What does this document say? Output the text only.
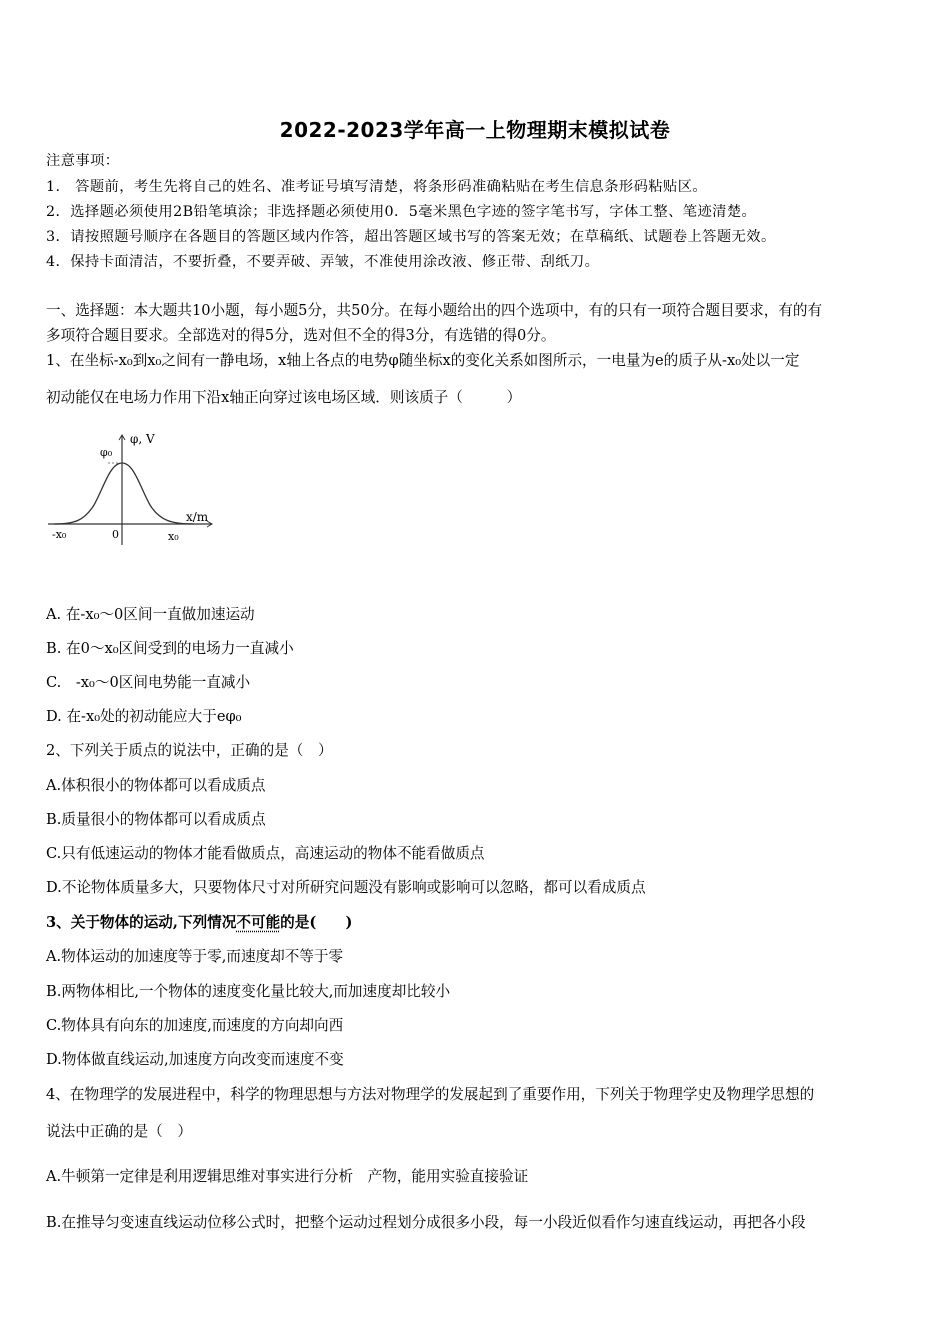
2022-2023学年高一上物理期末模拟试卷
注意事项：
1.　答题前，考生先将自己的姓名、准考证号填写清楚，将条形码准确粘贴在考生信息条形码粘贴区。
2．选择题必须使用2B铅笔填涂；非选择题必须使用0．5毫米黑色字迹的签字笔书写，字体工整、笔迹清楚。
3．请按照题号顺序在各题目的答题区域内作答，超出答题区域书写的答案无效；在草稿纸、试题卷上答题无效。
4．保持卡面清洁，不要折叠，不要弄破、弄皱，不准使用涂改液、修正带、刮纸刀。
一、选择题：本大题共10小题，每小题5分，共50分。在每小题给出的四个选项中，有的只有一项符合题目要求，有的有
多项符合题目要求。全部选对的得5分，选对但不全的得3分，有选错的得0分。
1、在坐标-x₀到x₀之间有一静电场，x轴上各点的电势φ随坐标x的变化关系如图所示，一电量为e的质子从-x₀处以一定
初动能仅在电场力作用下沿x轴正向穿过该电场区域．则该质子（　　　）
φ₀
φ, V
x/m
-x₀	0	x₀
A. 在-x₀～0区间一直做加速运动
B. 在0～x₀区间受到的电场力一直减小
C.　-x₀～0区间电势能一直减小
D. 在-x₀处的初动能应大于eφ₀
2、下列关于质点的说法中，正确的是（　）
A.体积很小的物体都可以看成质点
B.质量很小的物体都可以看成质点
C.只有低速运动的物体才能看做质点，高速运动的物体不能看做质点
D.不论物体质量多大，只要物体尺寸对所研究问题没有影响或影响可以忽略，都可以看成质点
3、关于物体的运动,下列情况不可能的是(　　)
A.物体运动的加速度等于零,而速度却不等于零
B.两物体相比,一个物体的速度变化量比较大,而加速度却比较小
C.物体具有向东的加速度,而速度的方向却向西
D.物体做直线运动,加速度方向改变而速度不变
4、在物理学的发展进程中，科学的物理思想与方法对物理学的发展起到了重要作用，下列关于物理学史及物理学思想的
说法中正确的是（　）
A.牛顿第一定律是利用逻辑思维对事实进行分析　产物，能用实验直接验证
B.在推导匀变速直线运动位移公式时，把整个运动过程划分成很多小段，每一小段近似看作匀速直线运动，再把各小段
